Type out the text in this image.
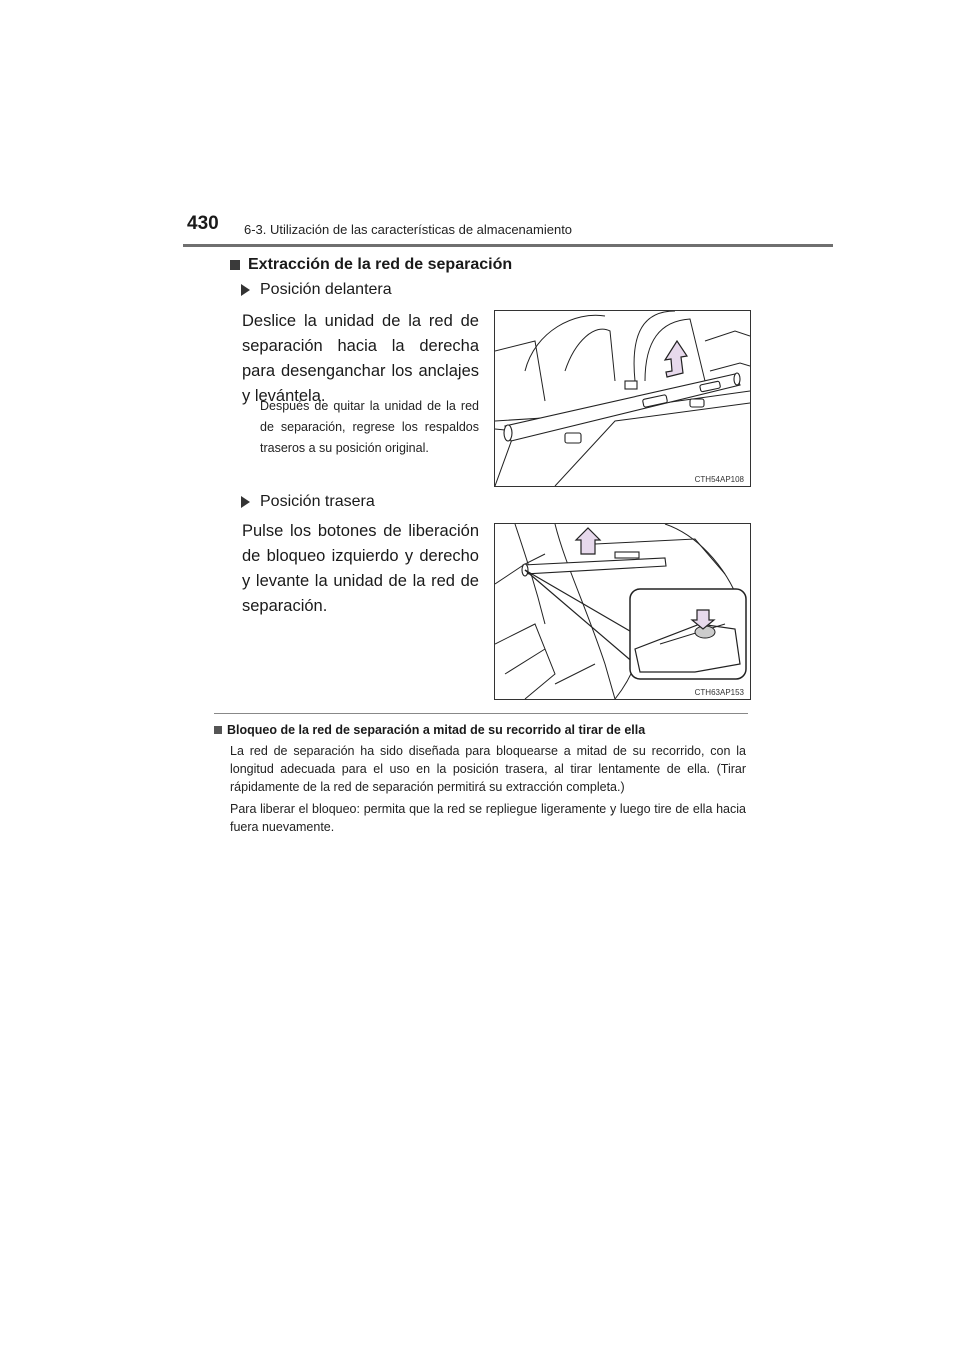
430 6-3. Utilización de las características de almacenamiento
Extracción de la red de separación
Posición delantera
Deslice la unidad de la red de separación hacia la derecha para desenganchar los anclajes y levántela.
Después de quitar la unidad de la red de separación, regrese los respaldos traseros a su posición original.
CTH54AP108
Posición trasera
Pulse los botones de liberación de bloqueo izquierdo y derecho y levante la unidad de la red de separación.
CTH63AP153
Bloqueo de la red de separación a mitad de su recorrido al tirar de ella
La red de separación ha sido diseñada para bloquearse a mitad de su recorrido, con la longitud adecuada para el uso en la posición trasera, al tirar lentamente de ella. (Tirar rápidamente de la red de separación permitirá su extracción completa.)
Para liberar el bloqueo: permita que la red se repliegue ligeramente y luego tire de ella hacia fuera nuevamente.
